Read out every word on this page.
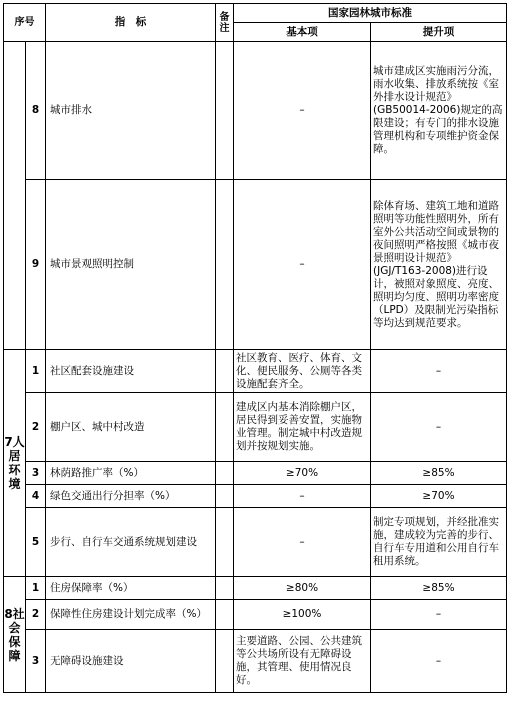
序号		指　标	备注	国家园林城市标准	
				基本项	提升项
	8	城市排水		–	城市建成区实施雨污分流，雨水收集、排放系统按《室外排水设计规范》(GB50014-2006)规定的高限建设；有专门的排水设施管理机构和专项维护资金保障。
	9	城市景观照明控制		–	除体育场、建筑工地和道路照明等功能性照明外，所有室外公共活动空间或景物的夜间照明严格按照《城市夜景照明设计规范》(JGJ/T163-2008)进行设计，被照对象照度、亮度、照明均匀度、照明功率密度（LPD）及限制光污染指标等均达到规范要求。
7人居环境	1	社区配套设施建设		社区教育、医疗、体育、文化、便民服务、公厕等各类设施配套齐全。	–
	2	棚户区、城中村改造		建成区内基本消除棚户区，居民得到妥善安置，实施物业管理。制定城中村改造规划并按规划实施。	–
	3	林荫路推广率（%）		≥70%	≥85%
	4	绿色交通出行分担率（%）		–	≥70%
	5	步行、自行车交通系统规划建设		–	制定专项规划，并经批准实施，建成较为完善的步行、自行车专用道和公用自行车租用系统。
8社会保障	1	住房保障率（%）		≥80%	≥85%
	2	保障性住房建设计划完成率（%）		≥100%	–
	3	无障碍设施建设		主要道路、公园、公共建筑等公共场所设有无障碍设施，其管理、使用情况良好。	–
